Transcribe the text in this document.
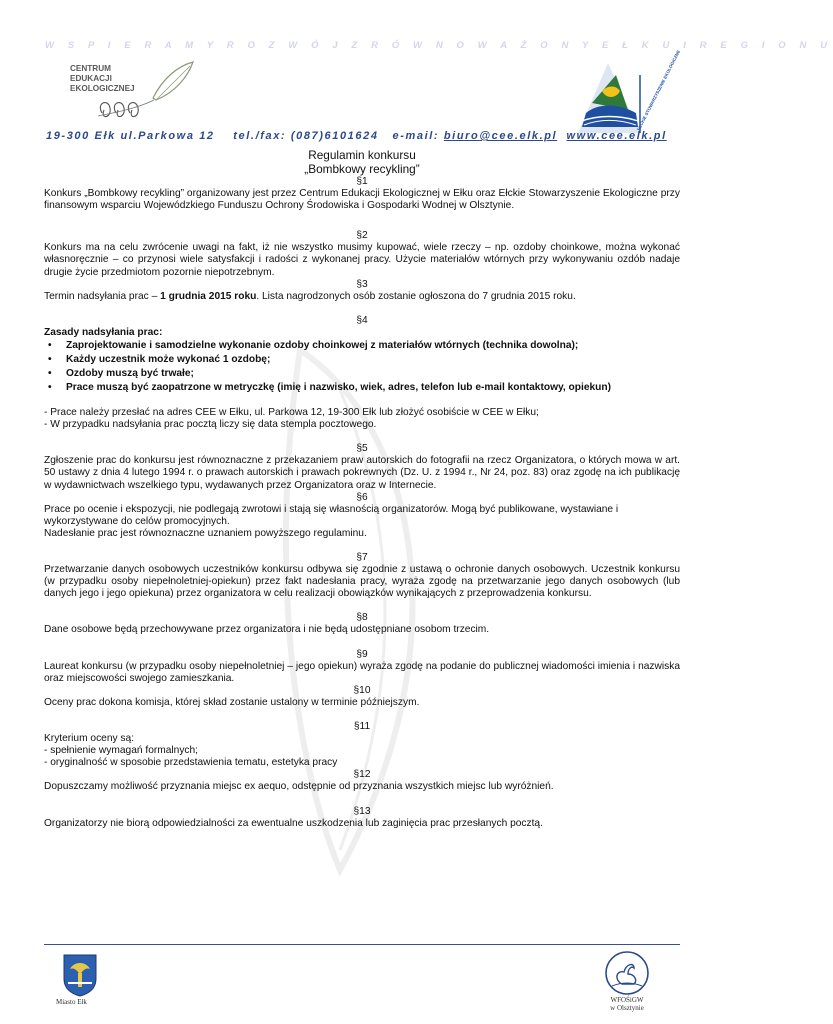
W S P I E R A M Y R O Z W Ó J Z R Ó W N O W A Ż O N Y E Ł K U I R E G I O N U
CENTRUM
EDUKACJI
EKOLOGICZNEJ	EŁCKIE STOWARZYSZENIE EKOLOGICZNE
19-300 Ełk ul.Parkowa 12 tel./fax: (087)6101624 e-mail: biuro@cee.elk.pl www.cee.elk.pl
Regulamin konkursu
„Bombkowy recykling”
§1
Konkurs „Bombkowy recykling” organizowany jest przez Centrum Edukacji Ekologicznej w Ełku oraz Ełckie Stowarzyszenie Ekologiczne przy finansowym wsparciu Wojewódzkiego Funduszu Ochrony Środowiska i Gospodarki Wodnej w Olsztynie.
§2
Konkurs ma na celu zwrócenie uwagi na fakt, iż nie wszystko musimy kupować, wiele rzeczy – np. ozdoby choinkowe, można wykonać własnoręcznie – co przynosi wiele satysfakcji i radości z wykonanej pracy. Użycie materiałów wtórnych przy wykonywaniu ozdób nadaje drugie życie przedmiotom pozornie niepotrzebnym.
§3
Termin nadsyłania prac – 1 grudnia 2015 roku. Lista nagrodzonych osób zostanie ogłoszona do 7 grudnia 2015 roku.
§4
Zasady nadsyłania prac:
• Zaprojektowanie i samodzielne wykonanie ozdoby choinkowej z materiałów wtórnych (technika dowolna);
• Każdy uczestnik może wykonać 1 ozdobę;
• Ozdoby muszą być trwałe;
• Prace muszą być zaopatrzone w metryczkę (imię i nazwisko, wiek, adres, telefon lub e-mail kontaktowy, opiekun)
- Prace należy przesłać na adres CEE w Ełku, ul. Parkowa 12, 19-300 Ełk lub złożyć osobiście w CEE w Ełku;
- W przypadku nadsyłania prac pocztą liczy się data stempla pocztowego.
§5
Zgłoszenie prac do konkursu jest równoznaczne z przekazaniem praw autorskich do fotografii na rzecz Organizatora, o których mowa w art. 50 ustawy z dnia 4 lutego 1994 r. o prawach autorskich i prawach pokrewnych (Dz. U. z 1994 r., Nr 24, poz. 83) oraz zgodę na ich publikację w wydawnictwach wszelkiego typu, wydawanych przez Organizatora oraz w Internecie.
§6
Prace po ocenie i ekspozycji, nie podlegają zwrotowi i stają się własnością organizatorów. Mogą być publikowane, wystawiane i wykorzystywane do celów promocyjnych.
Nadesłanie prac jest równoznaczne uznaniem powyższego regulaminu.
§7
Przetwarzanie danych osobowych uczestników konkursu odbywa się zgodnie z ustawą o ochronie danych osobowych. Uczestnik konkursu (w przypadku osoby niepełnoletniej-opiekun) przez fakt nadesłania pracy, wyraża zgodę na przetwarzanie jego danych osobowych (lub danych jego i jego opiekuna) przez organizatora w celu realizacji obowiązków wynikających z przeprowadzenia konkursu.
§8
Dane osobowe będą przechowywane przez organizatora i nie będą udostępniane osobom trzecim.
§9
Laureat konkursu (w przypadku osoby niepełnoletniej – jego opiekun) wyraża zgodę na podanie do publicznej wiadomości imienia i nazwiska oraz miejscowości swojego zamieszkania.
§10
Oceny prac dokona komisja, której skład zostanie ustalony w terminie późniejszym.
§11
Kryterium oceny są:
- spełnienie wymagań formalnych;
- oryginalność w sposobie przedstawienia tematu, estetyka pracy
§12
Dopuszczamy możliwość przyznania miejsc ex aequo, odstępnie od przyznania wszystkich miejsc lub wyróżnień.
§13
Organizatorzy nie biorą odpowiedzialności za ewentualne uszkodzenia lub zaginięcia prac przesłanych pocztą.
Miasto Ełk	WFOŚiGW
w Olsztynie
